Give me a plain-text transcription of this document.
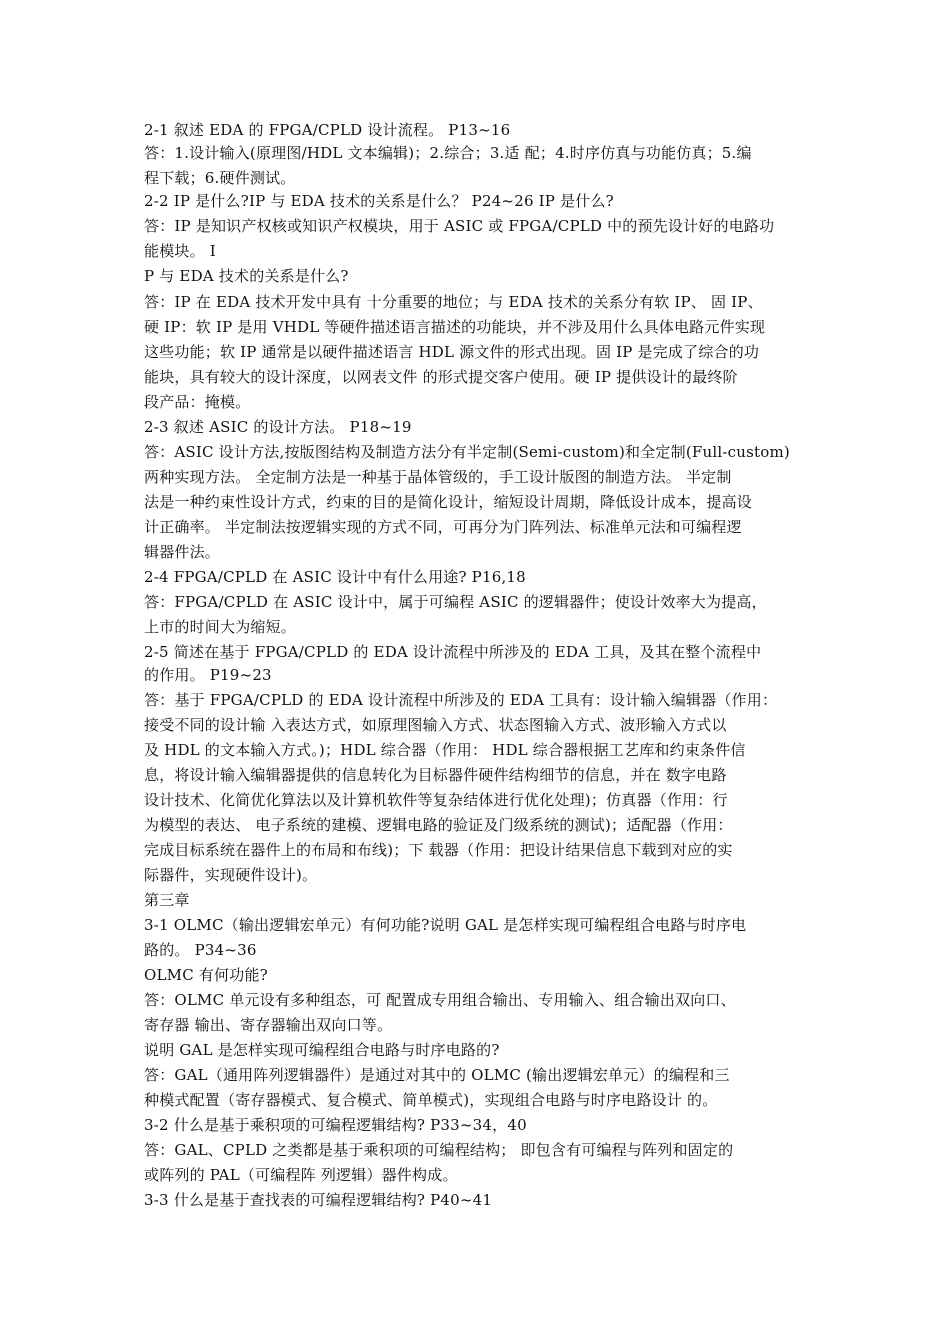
2-1 叙述 EDA 的 FPGA/CPLD 设计流程。 P13~16
答：1.设计输入(原理图/HDL 文本编辑)；2.综合；3.适 配；4.时序仿真与功能仿真；5.编
程下载；6.硬件测试。
2-2 IP 是什么?IP 与 EDA 技术的关系是什么？ P24~26 IP 是什么?
答：IP 是知识产权核或知识产权模块，用于 ASIC 或 FPGA/CPLD 中的预先设计好的电路功
能模块。 I
P 与 EDA 技术的关系是什么?
答：IP 在 EDA 技术开发中具有 十分重要的地位；与 EDA 技术的关系分有软 IP、 固 IP、
硬 IP：软 IP 是用 VHDL 等硬件描述语言描述的功能块，并不涉及用什么具体电路元件实现
这些功能；软 IP 通常是以硬件描述语言 HDL 源文件的形式出现。固 IP 是完成了综合的功
能块，具有较大的设计深度，以网表文件 的形式提交客户使用。硬 IP 提供设计的最终阶
段产品：掩模。
2-3 叙述 ASIC 的设计方法。 P18~19
答：ASIC 设计方法,按版图结构及制造方法分有半定制(Semi-custom)和全定制(Full-custom)
两种实现方法。 全定制方法是一种基于晶体管级的，手工设计版图的制造方法。 半定制
法是一种约束性设计方式，约束的目的是简化设计，缩短设计周期，降低设计成本，提高设
计正确率。 半定制法按逻辑实现的方式不同，可再分为门阵列法、标准单元法和可编程逻
辑器件法。
2-4 FPGA/CPLD 在 ASIC 设计中有什么用途? P16,18
答：FPGA/CPLD 在 ASIC 设计中，属于可编程 ASIC 的逻辑器件；使设计效率大为提高，
上市的时间大为缩短。
2-5 简述在基于 FPGA/CPLD 的 EDA 设计流程中所涉及的 EDA 工具，及其在整个流程中
的作用。 P19~23
答：基于 FPGA/CPLD 的 EDA 设计流程中所涉及的 EDA 工具有：设计输入编辑器（作用：
接受不同的设计输 入表达方式，如原理图输入方式、状态图输入方式、波形输入方式以
及 HDL 的文本输入方式。)；HDL 综合器（作用： HDL 综合器根据工艺库和约束条件信
息，将设计输入编辑器提供的信息转化为目标器件硬件结构细节的信息，并在 数字电路
设计技术、化简优化算法以及计算机软件等复杂结体进行优化处理)；仿真器（作用：行
为模型的表达、 电子系统的建模、逻辑电路的验证及门级系统的测试)；适配器（作用：
完成目标系统在器件上的布局和布线)；下 载器（作用：把设计结果信息下载到对应的实
际器件，实现硬件设计)。
第三章
3-1 OLMC（输出逻辑宏单元）有何功能?说明 GAL 是怎样实现可编程组合电路与时序电
路的。 P34~36
OLMC 有何功能?
答：OLMC 单元设有多种组态，可 配置成专用组合输出、专用输入、组合输出双向口、
寄存器 输出、寄存器输出双向口等。
说明 GAL 是怎样实现可编程组合电路与时序电路的?
答：GAL（通用阵列逻辑器件）是通过对其中的 OLMC (输出逻辑宏单元）的编程和三
种模式配置（寄存器模式、复合模式、简单模式)，实现组合电路与时序电路设计 的。
3-2 什么是基于乘积项的可编程逻辑结构? P33~34，40
答：GAL、CPLD 之类都是基于乘积项的可编程结构； 即包含有可编程与阵列和固定的
或阵列的 PAL（可编程阵 列逻辑）器件构成。
3-3 什么是基于查找表的可编程逻辑结构? P40~41
